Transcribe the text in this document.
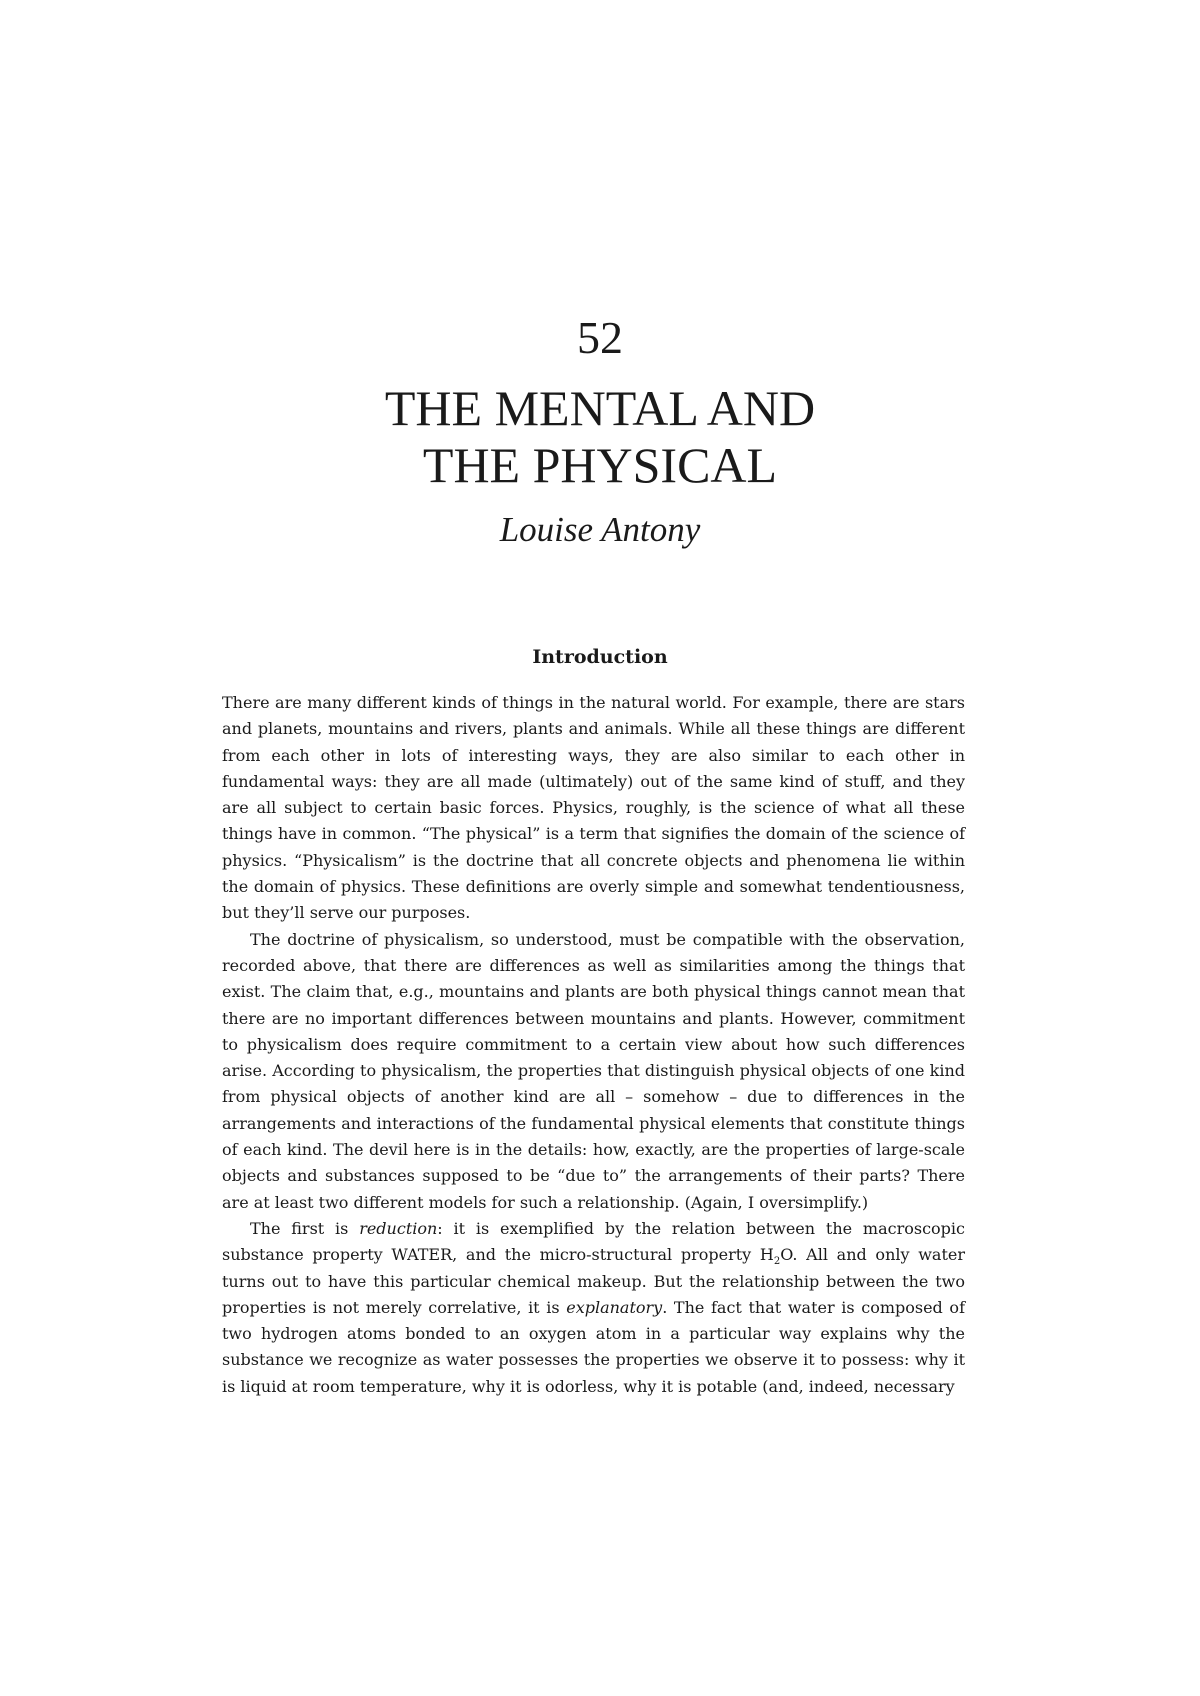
52
THE MENTAL AND
THE PHYSICAL
Louise Antony
Introduction

There are many different kinds of things in the natural world. For example, there are stars and planets, mountains and rivers, plants and animals. While all these things are different from each other in lots of interesting ways, they are also similar to each other in fundamental ways: they are all made (ultimately) out of the same kind of stuff, and they are all subject to certain basic forces. Physics, roughly, is the science of what all these things have in common. “The physical” is a term that signifies the domain of the science of physics. “Physicalism” is the doctrine that all concrete objects and phenomena lie within the domain of physics. These definitions are overly simple and somewhat tendentiousness, but they’ll serve our purposes.

The doctrine of physicalism, so understood, must be compatible with the observation, recorded above, that there are differences as well as similarities among the things that exist. The claim that, e.g., mountains and plants are both physical things cannot mean that there are no important differences between mountains and plants. However, commitment to physicalism does require commitment to a certain view about how such differences arise. According to physicalism, the properties that distinguish physical objects of one kind from physical objects of another kind are all – somehow – due to differences in the arrangements and interactions of the fundamental physical elements that constitute things of each kind. The devil here is in the details: how, exactly, are the properties of large-scale objects and substances supposed to be “due to” the arrangements of their parts? There are at least two different models for such a relationship. (Again, I oversimplify.)

The first is reduction: it is exemplified by the relation between the macroscopic substance property WATER, and the micro-structural property $H_2O$. All and only water turns out to have this particular chemical makeup. But the relationship between the two properties is not merely correlative, it is explanatory. The fact that water is composed of two hydrogen atoms bonded to an oxygen atom in a particular way explains why the substance we recognize as water possesses the properties we observe it to possess: why it is liquid at room temperature, why it is odorless, why it is potable (and, indeed, necessary
